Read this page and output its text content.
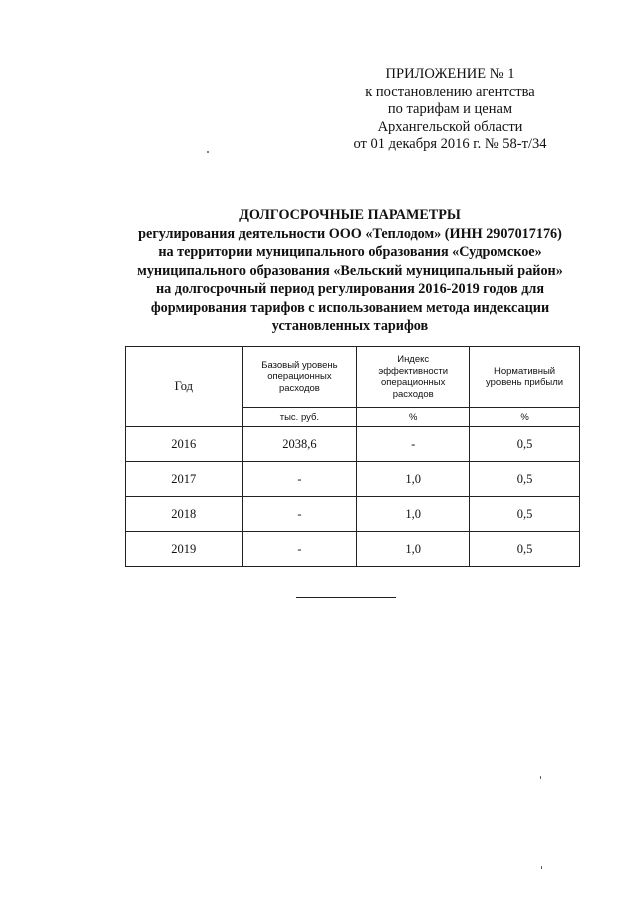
ПРИЛОЖЕНИЕ № 1
к постановлению агентства
по тарифам и ценам
Архангельской области
от 01 декабря 2016 г. № 58-т/34
ДОЛГОСРОЧНЫЕ ПАРАМЕТРЫ
регулирования деятельности ООО «Теплодом» (ИНН 2907017176)
на территории муниципального образования «Судромское»
муниципального образования «Вельский муниципальный район»
на долгосрочный период регулирования 2016-2019 годов для
формирования тарифов с использованием метода индексации
установленных тарифов
Год	Базовый уровень операционных расходов	Индекс эффективности операционных расходов	Нормативный уровень прибыли

	тыс. руб.	%	%
2016	2038,6	-	0,5
2017	-	1,0	0,5
2018	-	1,0	0,5
2019	-	1,0	0,5
